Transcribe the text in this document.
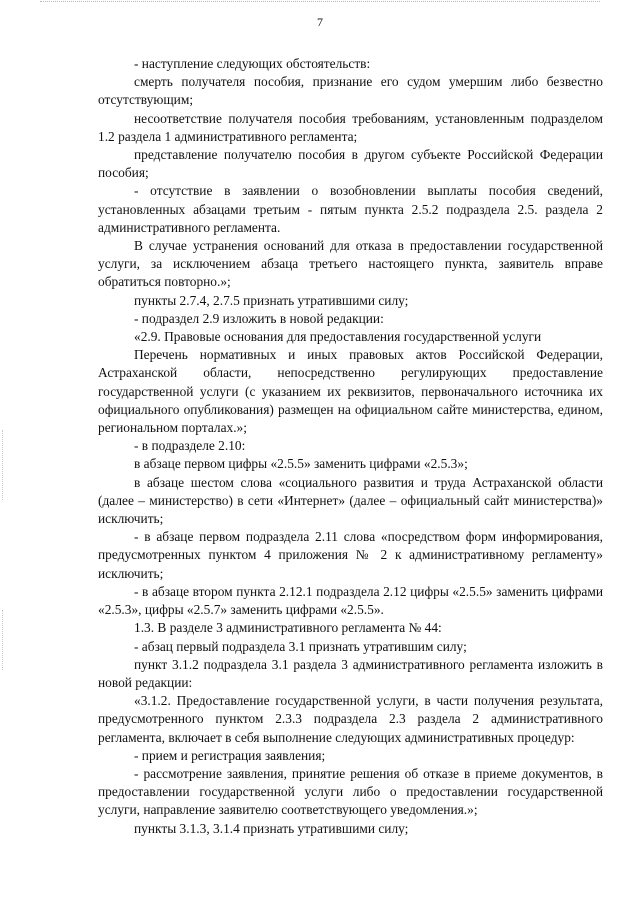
7

- наступление следующих обстоятельств:

смерть получателя пособия, признание его судом умершим либо безвестно отсутствующим;

несоответствие получателя пособия требованиям, установленным подразделом 1.2 раздела 1 административного регламента;

представление получателю пособия в другом субъекте Российской Федерации пособия;

- отсутствие в заявлении о возобновлении выплаты пособия сведений, установленных абзацами третьим - пятым пункта 2.5.2 подраздела 2.5. раздела 2 административного регламента.

В случае устранения оснований для отказа в предоставлении государственной услуги, за исключением абзаца третьего настоящего пункта, заявитель вправе обратиться повторно.»;

пункты 2.7.4, 2.7.5 признать утратившими силу;

- подраздел 2.9 изложить в новой редакции:

«2.9. Правовые основания для предоставления государственной услуги

Перечень нормативных и иных правовых актов Российской Федерации, Астраханской области, непосредственно регулирующих предоставление государственной услуги (с указанием их реквизитов, первоначального источника их официального опубликования) размещен на официальном сайте министерства, едином, региональном порталах.»;

- в подразделе 2.10:

в абзаце первом цифры «2.5.5» заменить цифрами «2.5.3»;

в абзаце шестом слова «социального развития и труда Астраханской области (далее – министерство) в сети «Интернет» (далее – официальный сайт министерства)» исключить;

- в абзаце первом подраздела 2.11 слова «посредством форм информирования, предусмотренных пунктом 4 приложения № 2 к административному регламенту» исключить;

- в абзаце втором пункта 2.12.1 подраздела 2.12 цифры «2.5.5» заменить цифрами «2.5.3», цифры «2.5.7» заменить цифрами «2.5.5».

1.3. В разделе 3 административного регламента № 44:

- абзац первый подраздела 3.1 признать утратившим силу;

пункт 3.1.2 подраздела 3.1 раздела 3 административного регламента изложить в новой редакции:

«3.1.2. Предоставление государственной услуги, в части получения результата, предусмотренного пунктом 2.3.3 подраздела 2.3 раздела 2 административного регламента, включает в себя выполнение следующих административных процедур:

- прием и регистрация заявления;

- рассмотрение заявления, принятие решения об отказе в приеме документов, в предоставлении государственной услуги либо о предоставлении государственной услуги, направление заявителю соответствующего уведомления.»;

пункты 3.1.3, 3.1.4 признать утратившими силу;
